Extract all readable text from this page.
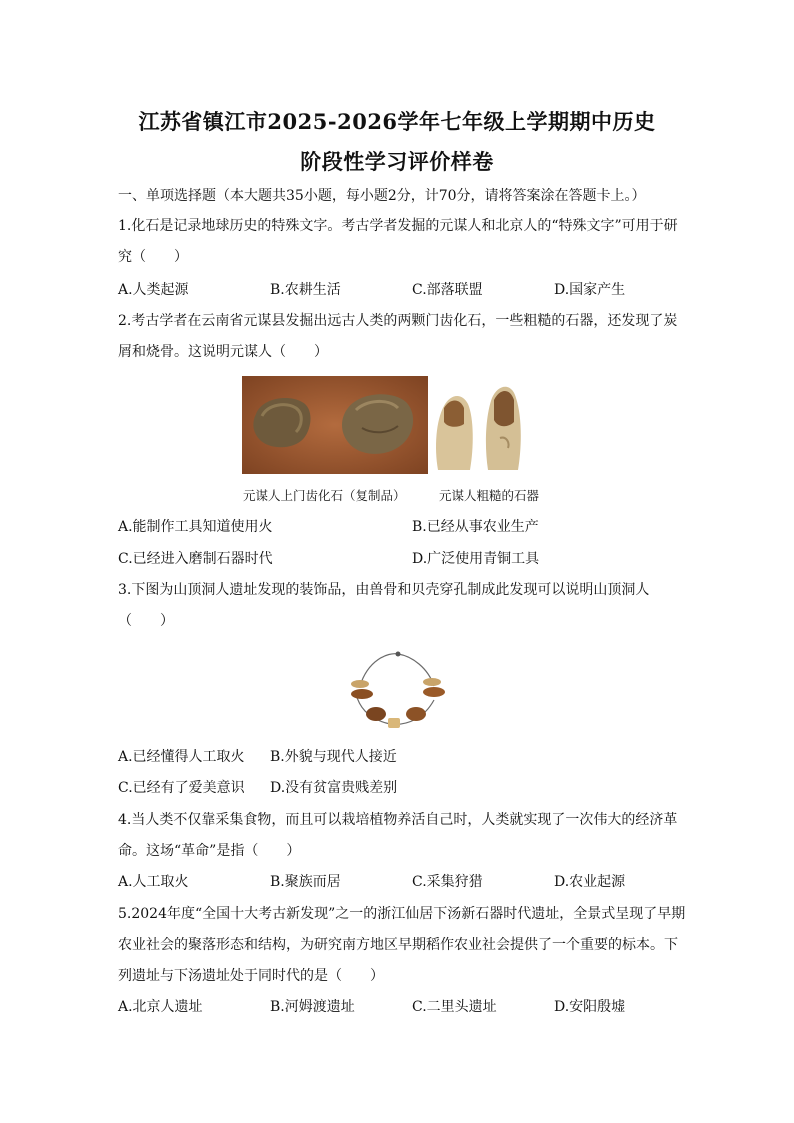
江苏省镇江市2025-2026学年七年级上学期期中历史
阶段性学习评价样卷
一、单项选择题（本大题共35小题，每小题2分，计70分，请将答案涂在答题卡上。）
1.化石是记录地球历史的特殊文字。考古学者发掘的元谋人和北京人的“特殊文字”可用于研
究（　　）
A.人类起源	B.农耕生活	C.部落联盟	D.国家产生
2.考古学者在云南省元谋县发掘出远古人类的两颗门齿化石，一些粗糙的石器，还发现了炭
屑和烧骨。这说明元谋人（　　）
元谋人上门齿化石（复制品）	元谋人粗糙的石器
A.能制作工具知道使用火	B.已经从事农业生产
C.已经进入磨制石器时代	D.广泛使用青铜工具
3.下图为山顶洞人遗址发现的装饰品，由兽骨和贝壳穿孔制成此发现可以说明山顶洞人
（　　）
A.已经懂得人工取火 B.外貌与现代人接近
C.已经有了爱美意识 D.没有贫富贵贱差别
4.当人类不仅靠采集食物，而且可以栽培植物养活自己时，人类就实现了一次伟大的经济革
命。这场“革命”是指（　　）
A.人工取火	B.聚族而居	C.采集狩猎	D.农业起源
5.2024年度“全国十大考古新发现”之一的浙江仙居下汤新石器时代遗址，全景式呈现了早期
农业社会的聚落形态和结构，为研究南方地区早期稻作农业社会提供了一个重要的标本。下
列遗址与下汤遗址处于同时代的是（　　）
A.北京人遗址	B.河姆渡遗址	C.二里头遗址	D.安阳殷墟
